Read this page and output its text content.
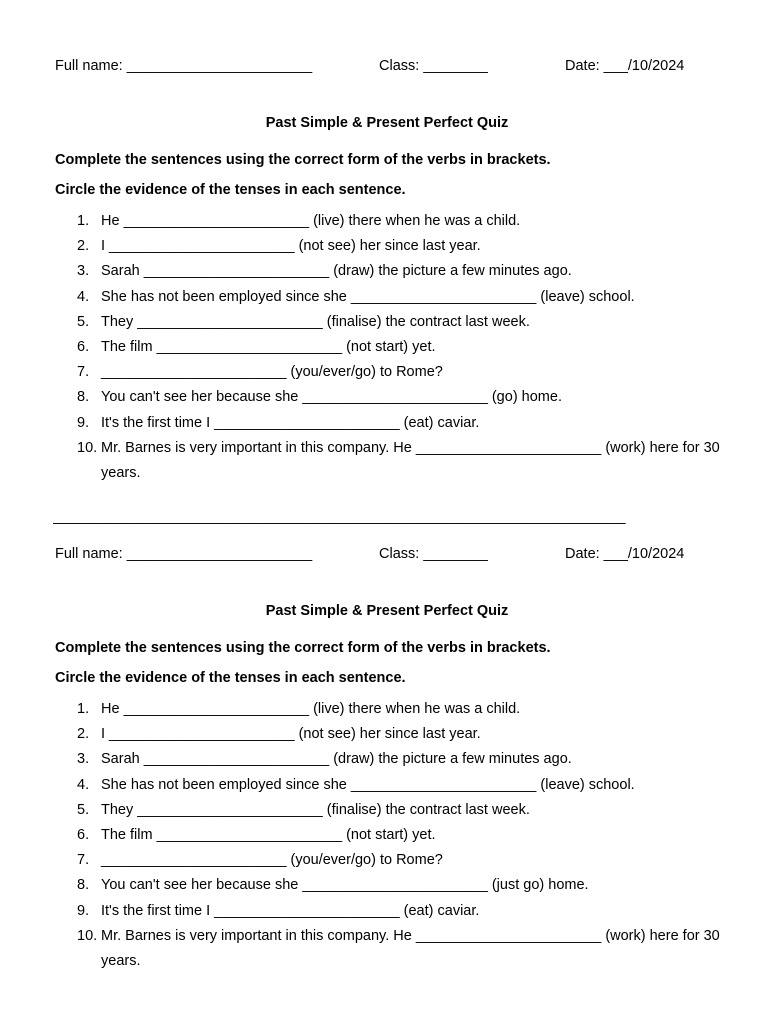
Full name: _______________________	Class: ________	Date: ___/10/2024
Past Simple & Present Perfect Quiz
Complete the sentences using the correct form of the verbs in brackets.
Circle the evidence of the tenses in each sentence.
1. He _______________________ (live) there when he was a child.
2. I _______________________ (not see) her since last year.
3. Sarah _______________________ (draw) the picture a few minutes ago.
4. She has not been employed since she _______________________ (leave) school.
5. They _______________________ (finalise) the contract last week.
6. The film _______________________ (not start) yet.
7. _______________________ (you/ever/go) to Rome?
8. You can't see her because she _______________________ (go) home.
9. It's the first time I _______________________ (eat) caviar.
10. Mr. Barnes is very important in this company. He _______________________ (work) here for 30 years.
_______________________________________________________________________
Full name: _______________________	Class: ________	Date: ___/10/2024
Past Simple & Present Perfect Quiz
Complete the sentences using the correct form of the verbs in brackets.
Circle the evidence of the tenses in each sentence.
1. He _______________________ (live) there when he was a child.
2. I _______________________ (not see) her since last year.
3. Sarah _______________________ (draw) the picture a few minutes ago.
4. She has not been employed since she _______________________ (leave) school.
5. They _______________________ (finalise) the contract last week.
6. The film _______________________ (not start) yet.
7. _______________________ (you/ever/go) to Rome?
8. You can't see her because she _______________________ (just go) home.
9. It's the first time I _______________________ (eat) caviar.
10. Mr. Barnes is very important in this company. He _______________________ (work) here for 30 years.
